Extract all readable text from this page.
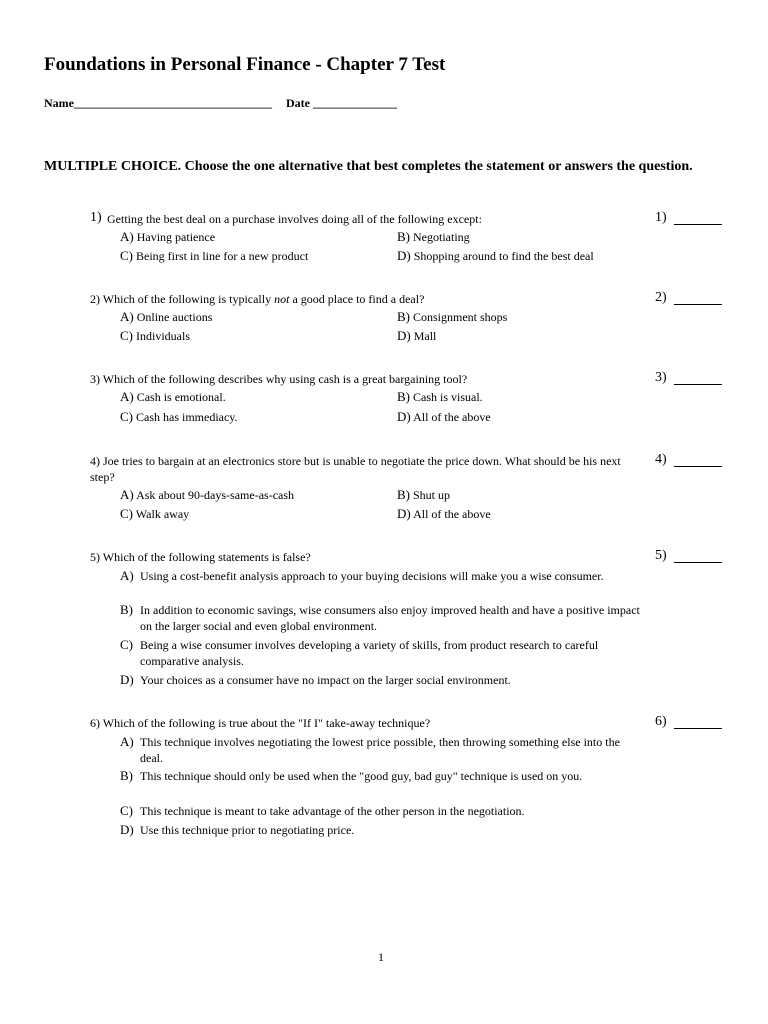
Foundations in Personal Finance - Chapter 7 Test
Name_________________________________ Date ______________
MULTIPLE CHOICE. Choose the one alternative that best completes the statement or answers the question.
1) Getting the best deal on a purchase involves doing all of the following except:	1)
A) Having patience	B) Negotiating
C) Being first in line for a new product	D) Shopping around to find the best deal
2) Which of the following is typically not a good place to find a deal?	2)
A) Online auctions	B) Consignment shops
C) Individuals	D) Mall
3) Which of the following describes why using cash is a great bargaining tool?	3)
A) Cash is emotional.	B) Cash is visual.
C) Cash has immediacy.	D) All of the above
4) Joe tries to bargain at an electronics store but is unable to negotiate the price down. What should be his next step?
4)
A) Ask about 90-days-same-as-cash	B) Shut up
C) Walk away	D) All of the above
5) Which of the following statements is false?	5)
A) Using a cost-benefit analysis approach to your buying decisions will make you a wise consumer.
B) In addition to economic savings, wise consumers also enjoy improved health and have a positive impact on the larger social and even global environment.
C) Being a wise consumer involves developing a variety of skills, from product research to careful comparative analysis.
D) Your choices as a consumer have no impact on the larger social environment.
6) Which of the following is true about the "If I" take-away technique?	6)
A) This technique involves negotiating the lowest price possible, then throwing something else into the deal.
B) This technique should only be used when the "good guy, bad guy" technique is used on you.
C) This technique is meant to take advantage of the other person in the negotiation.
D) Use this technique prior to negotiating price.
1
